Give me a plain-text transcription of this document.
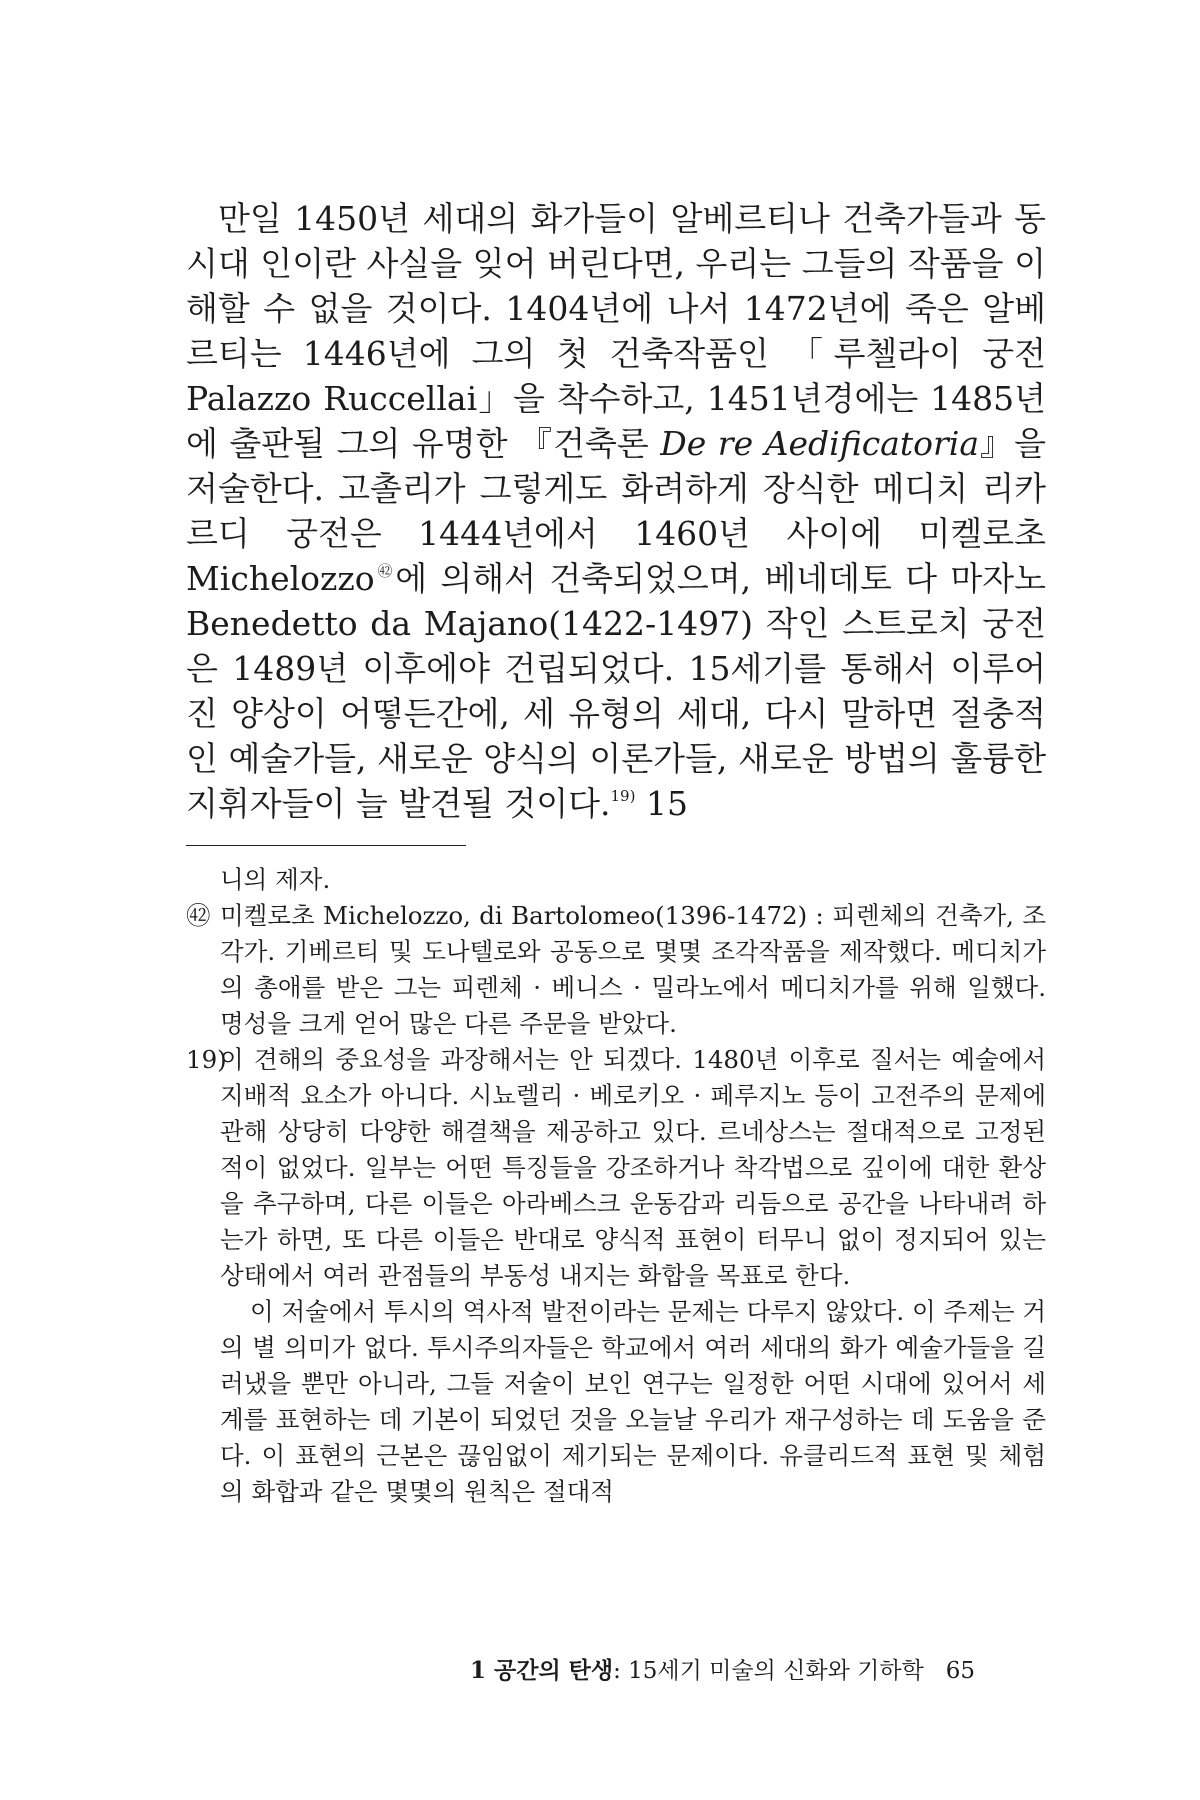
만일 1450년 세대의 화가들이 알베르티나 건축가들과 동시대 인이란 사실을 잊어 버린다면, 우리는 그들의 작품을 이해할 수 없을 것이다. 1404년에 나서 1472년에 죽은 알베르티는 1446년에 그의 첫 건축작품인 「루첼라이 궁전 Palazzo Ruccellai」을 착수하고, 1451년경에는 1485년에 출판될 그의 유명한 『건축론 De re Aedificatoria』을 저술한다. 고촐리가 그렇게도 화려하게 장식한 메디치 리카르디 궁전은 1444년에서 1460년 사이에 미켈로초 Michelozzo$^㊷$에 의해서 건축되었으며, 베네데토 다 마자노 Benedetto da Majano(1422-1497) 작인 스트로치 궁전은 1489년 이후에야 건립되었다. 15세기를 통해서 이루어진 양상이 어떻든간에, 세 유형의 세대, 다시 말하면 절충적인 예술가들, 새로운 양식의 이론가들, 새로운 방법의 훌륭한 지휘자들이 늘 발견될 것이다.$^{19)}$ 15

니의 제자.

㊷ 미켈로초 Michelozzo, di Bartolomeo(1396-1472) : 피렌체의 건축가, 조각가. 기베르티 및 도나텔로와 공동으로 몇몇 조각작품을 제작했다. 메디치가의 총애를 받은 그는 피렌체 · 베니스 · 밀라노에서 메디치가를 위해 일했다. 명성을 크게 얻어 많은 다른 주문을 받았다.

19)
이 견해의 중요성을 과장해서는 안 되겠다. 1480년 이후로 질서는 예술에서 지배적 요소가 아니다. 시뇨렐리 · 베로키오 · 페루지노 등이 고전주의 문제에 관해 상당히 다양한 해결책을 제공하고 있다. 르네상스는 절대적으로 고정된 적이 없었다. 일부는 어떤 특징들을 강조하거나 착각법으로 깊이에 대한 환상을 추구하며, 다른 이들은 아라베스크 운동감과 리듬으로 공간을 나타내려 하는가 하면, 또 다른 이들은 반대로 양식적 표현이 터무니 없이 정지되어 있는 상태에서 여러 관점들의 부동성 내지는 화합을 목표로 한다.

이 저술에서 투시의 역사적 발전이라는 문제는 다루지 않았다. 이 주제는 거의 별 의미가 없다. 투시주의자들은 학교에서 여러 세대의 화가 예술가들을 길러냈을 뿐만 아니라, 그들 저술이 보인 연구는 일정한 어떤 시대에 있어서 세계를 표현하는 데 기본이 되었던 것을 오늘날 우리가 재구성하는 데 도움을 준다. 이 표현의 근본은 끊임없이 제기되는 문제이다. 유클리드적 표현 및 체험의 화합과 같은 몇몇의 원칙은 절대적

1 공간의 탄생: 15세기 미술의 신화와 기하학 65
